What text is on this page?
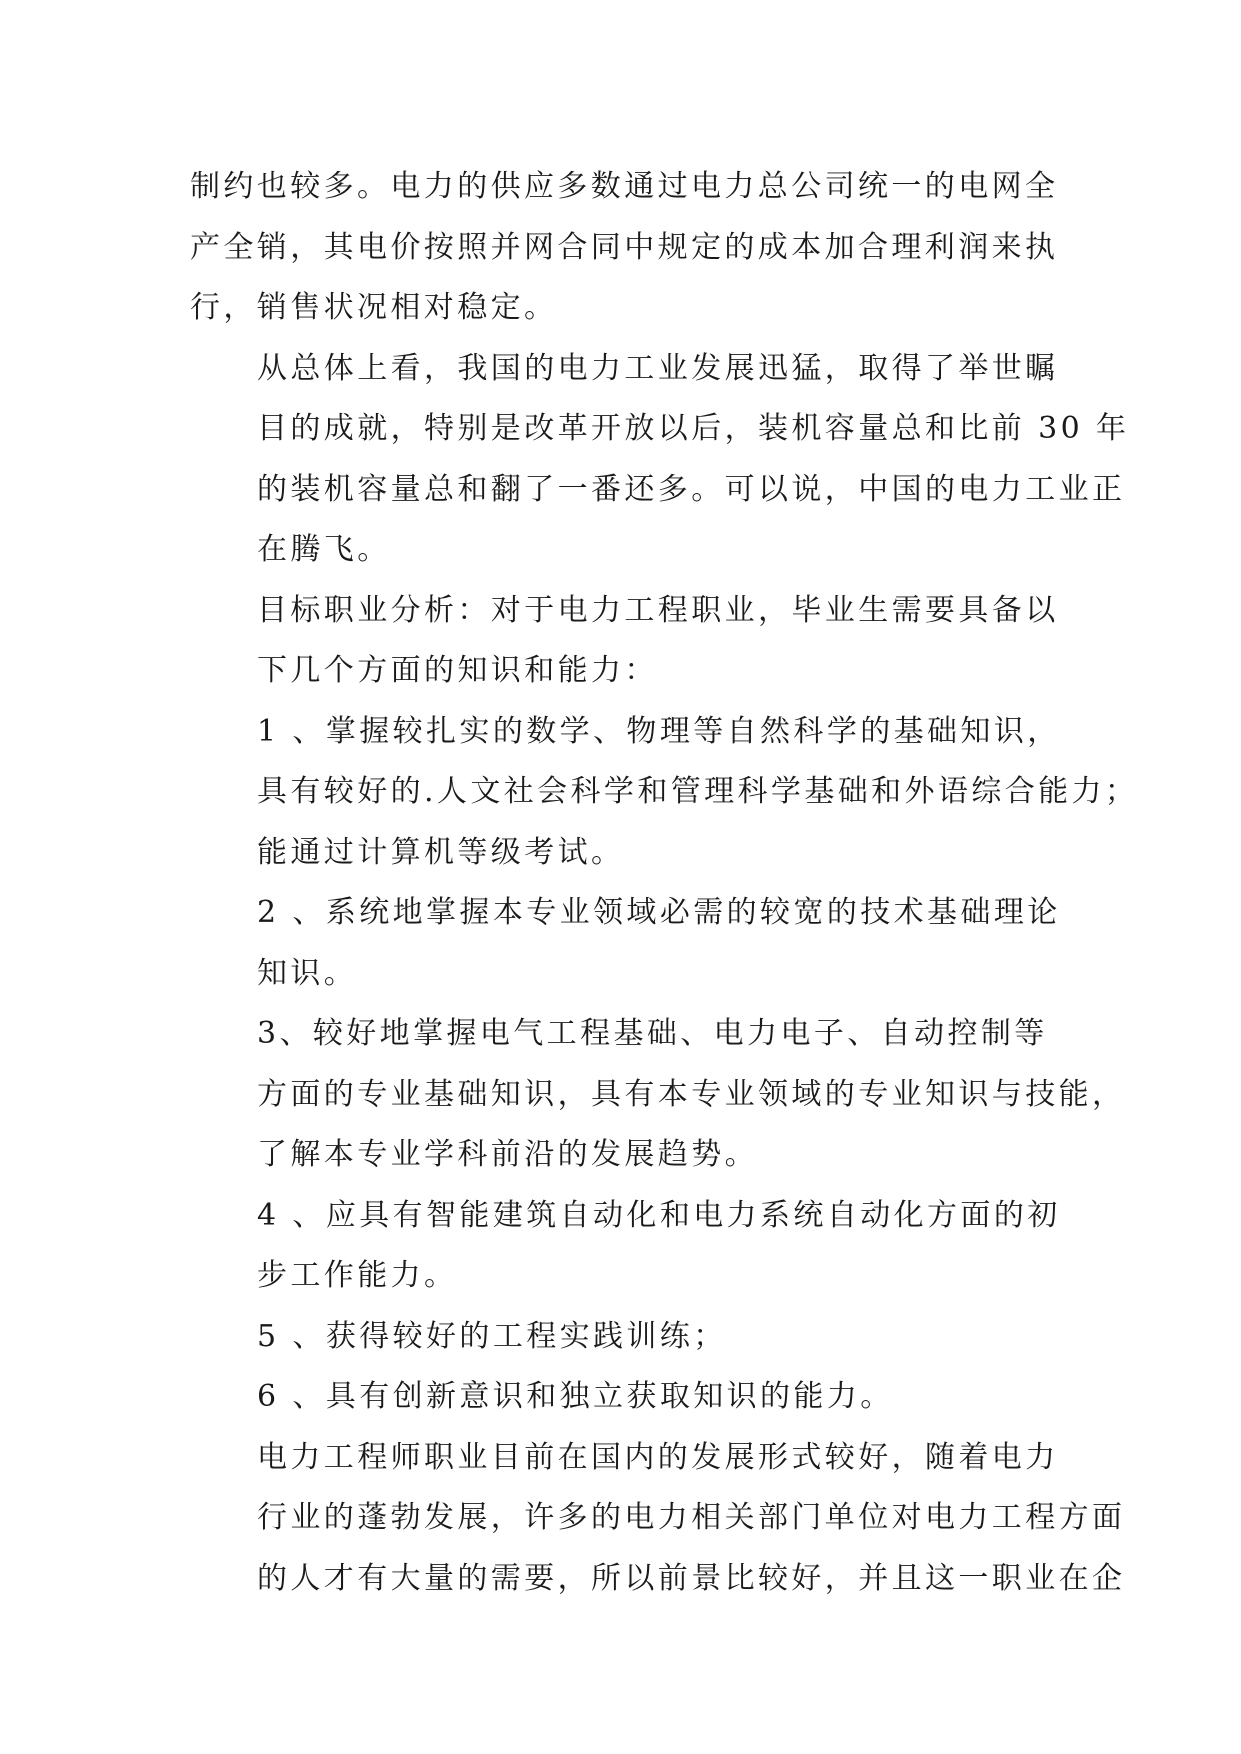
制约也较多。电力的供应多数通过电力总公司统一的电网全
产全销，其电价按照并网合同中规定的成本加合理利润来执
行，销售状况相对稳定。

从总体上看，我国的电力工业发展迅猛，取得了举世瞩
目的成就，特别是改革开放以后，装机容量总和比前 30 年
的装机容量总和翻了一番还多。可以说，中国的电力工业正
在腾飞。

目标职业分析：对于电力工程职业，毕业生需要具备以
下几个方面的知识和能力：

1 、掌握较扎实的数学、物理等自然科学的基础知识，
具有较好的.人文社会科学和管理科学基础和外语综合能力；
能通过计算机等级考试。

2 、系统地掌握本专业领域必需的较宽的技术基础理论
知识。

3、较好地掌握电气工程基础、电力电子、自动控制等
方面的专业基础知识，具有本专业领域的专业知识与技能，
了解本专业学科前沿的发展趋势。

4 、应具有智能建筑自动化和电力系统自动化方面的初
步工作能力。

5 、获得较好的工程实践训练；

6 、具有创新意识和独立获取知识的能力。

电力工程师职业目前在国内的发展形式较好，随着电力
行业的蓬勃发展，许多的电力相关部门单位对电力工程方面
的人才有大量的需要，所以前景比较好，并且这一职业在企
